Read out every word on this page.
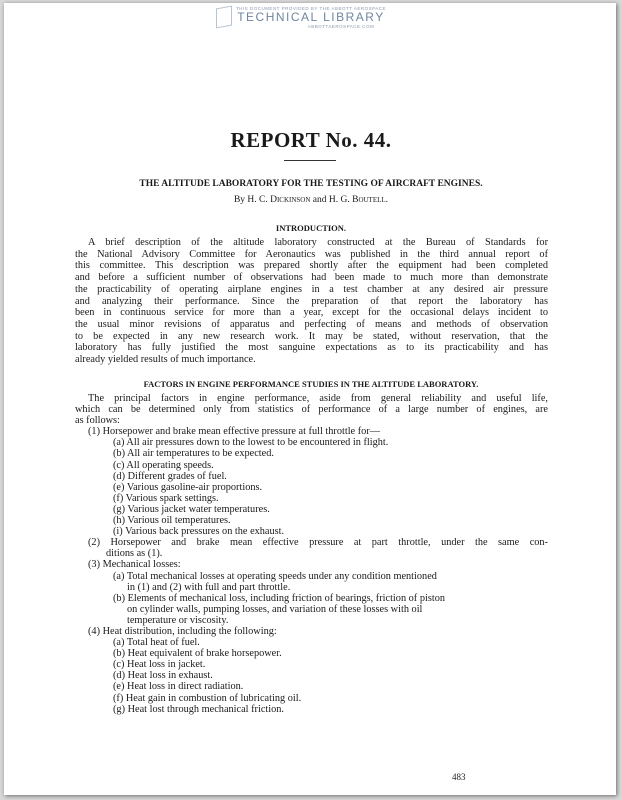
THIS DOCUMENT PROVIDED BY THE ABBOTT AEROSPACE
TECHNICAL LIBRARY
ABBOTTAEROSPACE.COM
REPORT No. 44.
THE ALTITUDE LABORATORY FOR THE TESTING OF AIRCRAFT ENGINES.
By H. C. Dickinson and H. G. Boutell.
INTRODUCTION.
A brief description of the altitude laboratory constructed at the Bureau of Standards for
the National Advisory Committee for Aeronautics was published in the third annual report of
this committee. This description was prepared shortly after the equipment had been completed
and before a sufficient number of observations had been made to much more than demonstrate
the practicability of operating airplane engines in a test chamber at any desired air pressure
and analyzing their performance. Since the preparation of that report the laboratory has
been in continuous service for more than a year, except for the occasional delays incident to
the usual minor revisions of apparatus and perfecting of means and methods of observation
to be expected in any new research work. It may be stated, without reservation, that the
laboratory has fully justified the most sanguine expectations as to its practicability and has
already yielded results of much importance.
FACTORS IN ENGINE PERFORMANCE STUDIES IN THE ALTITUDE LABORATORY.
The principal factors in engine performance, aside from general reliability and useful life,
which can be determined only from statistics of performance of a large number of engines, are
as follows:
(1) Horsepower and brake mean effective pressure at full throttle for—
(a) All air pressures down to the lowest to be encountered in flight.
(b) All air temperatures to be expected.
(c) All operating speeds.
(d) Different grades of fuel.
(e) Various gasoline-air proportions.
(f) Various spark settings.
(g) Various jacket water temperatures.
(h) Various oil temperatures.
(i) Various back pressures on the exhaust.
(2) Horsepower and brake mean effective pressure at part throttle, under the same con-
ditions as (1).
(3) Mechanical losses:
(a) Total mechanical losses at operating speeds under any condition mentioned
in (1) and (2) with full and part throttle.
(b) Elements of mechanical loss, including friction of bearings, friction of piston
on cylinder walls, pumping losses, and variation of these losses with oil
temperature or viscosity.
(4) Heat distribution, including the following:
(a) Total heat of fuel.
(b) Heat equivalent of brake horsepower.
(c) Heat loss in jacket.
(d) Heat loss in exhaust.
(e) Heat loss in direct radiation.
(f) Heat gain in combustion of lubricating oil.
(g) Heat lost through mechanical friction.
483
